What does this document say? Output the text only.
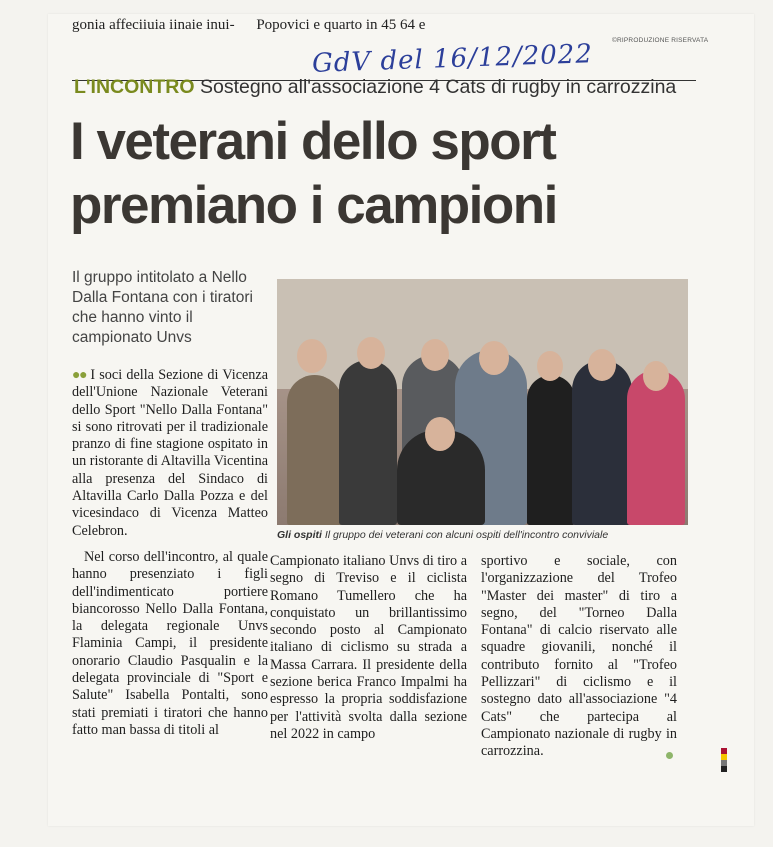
gonia affeciiuia iinaie inui- Popovici e quarto in 45 64 e
©RIPRODUZIONE RISERVATA
GdV del 16/12/2022
L'INCONTRO Sostegno all'associazione 4 Cats di rugby in carrozzina
I veterani dello sport
premiano i campioni
Il gruppo intitolato a Nello Dalla Fontana con i tiratori che hanno vinto il campionato Unvs
Gli ospiti Il gruppo dei veterani con alcuni ospiti dell'incontro conviviale

●● I soci della Sezione di Vicenza dell'Unione Nazionale Veterani dello Sport "Nello Dalla Fontana" si sono ritrovati per il tradizionale pranzo di fine stagione ospitato in un ristorante di Altavilla Vicentina alla presenza del Sindaco di Altavilla Carlo Dalla Pozza e del vicesindaco di Vicenza Matteo Celebron.

Nel corso dell'incontro, al quale hanno presenziato i figli dell'indimenticato portiere biancorosso Nello Dalla Fontana, la delegata regionale Unvs Flaminia Campi, il presidente onorario Claudio Pasqualin e la delegata provinciale di "Sport e Salute" Isabella Pontalti, sono stati premiati i tiratori che hanno fatto man bassa di titoli al

Campionato italiano Unvs di tiro a segno di Treviso e il ciclista Romano Tumellero che ha conquistato un brillantissimo secondo posto al Campionato italiano di ciclismo su strada a Massa Carrara. Il presidente della sezione berica Franco Impalmi ha espresso la propria soddisfazione per l'attività svolta dalla sezione nel 2022 in campo

sportivo e sociale, con l'organizzazione del Trofeo "Master dei master" di tiro a segno, del "Torneo Dalla Fontana" di calcio riservato alle squadre giovanili, nonché il contributo fornito al "Trofeo Pellizzari" di ciclismo e il sostegno dato all'associazione "4 Cats" che partecipa al Campionato nazionale di rugby in carrozzina.
